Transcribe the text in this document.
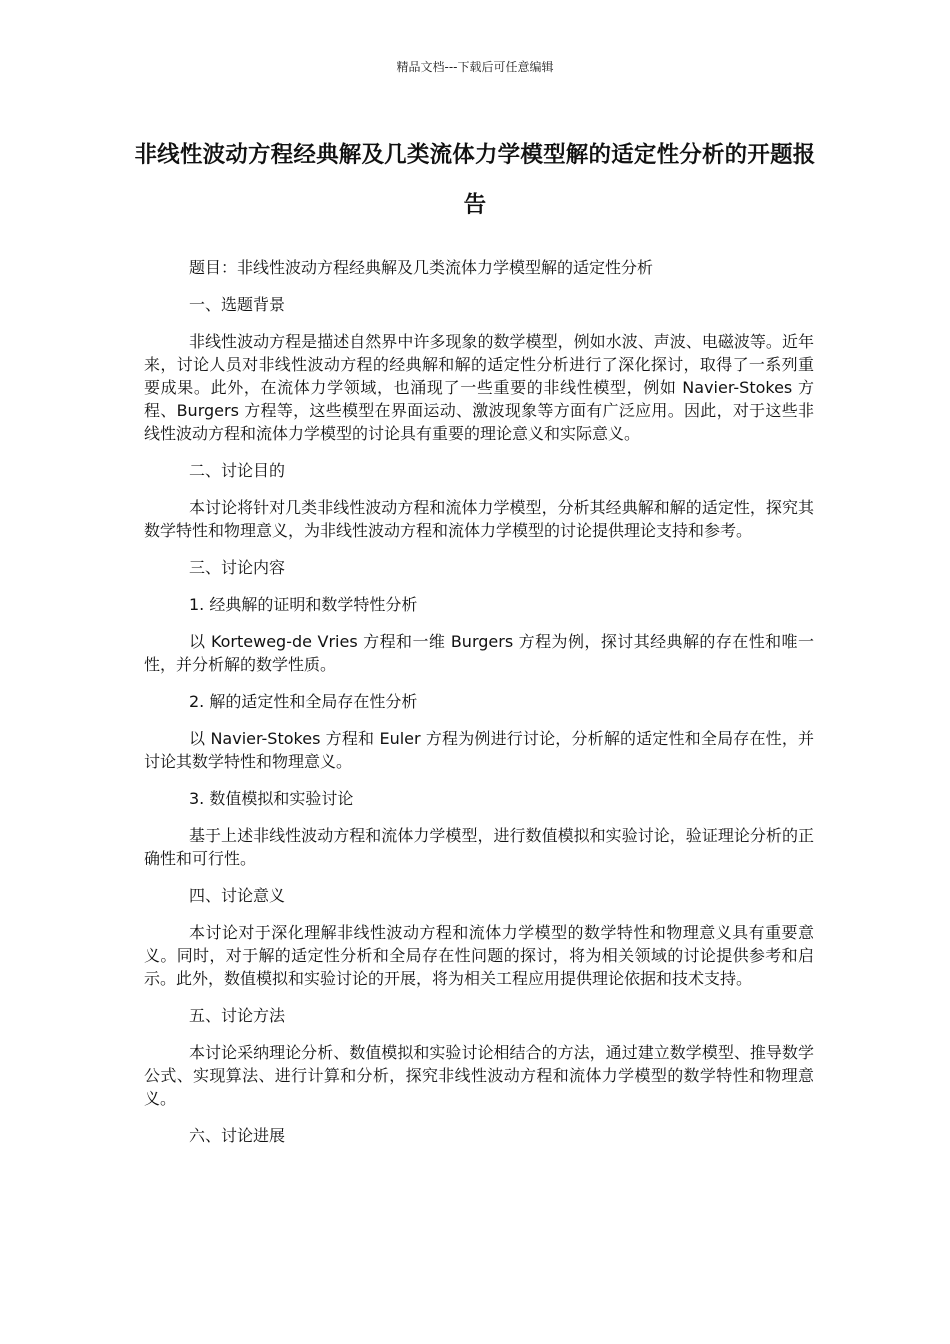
精品文档---下载后可任意编辑
非线性波动方程经典解及几类流体力学模型解的适定性分析的开题报告

题目：非线性波动方程经典解及几类流体力学模型解的适定性分析

一、选题背景

非线性波动方程是描述自然界中许多现象的数学模型，例如水波、声波、电磁波等。近年来，讨论人员对非线性波动方程的经典解和解的适定性分析进行了深化探讨，取得了一系列重要成果。此外，在流体力学领域，也涌现了一些重要的非线性模型，例如 Navier-Stokes 方程、Burgers 方程等，这些模型在界面运动、激波现象等方面有广泛应用。因此，对于这些非线性波动方程和流体力学模型的讨论具有重要的理论意义和实际意义。

二、讨论目的

本讨论将针对几类非线性波动方程和流体力学模型，分析其经典解和解的适定性，探究其数学特性和物理意义，为非线性波动方程和流体力学模型的讨论提供理论支持和参考。

三、讨论内容

1. 经典解的证明和数学特性分析

以 Korteweg-de Vries 方程和一维 Burgers 方程为例，探讨其经典解的存在性和唯一性，并分析解的数学性质。

2. 解的适定性和全局存在性分析

以 Navier-Stokes 方程和 Euler 方程为例进行讨论，分析解的适定性和全局存在性，并讨论其数学特性和物理意义。

3. 数值模拟和实验讨论

基于上述非线性波动方程和流体力学模型，进行数值模拟和实验讨论，验证理论分析的正确性和可行性。

四、讨论意义

本讨论对于深化理解非线性波动方程和流体力学模型的数学特性和物理意义具有重要意义。同时，对于解的适定性分析和全局存在性问题的探讨，将为相关领域的讨论提供参考和启示。此外，数值模拟和实验讨论的开展，将为相关工程应用提供理论依据和技术支持。

五、讨论方法

本讨论采纳理论分析、数值模拟和实验讨论相结合的方法，通过建立数学模型、推导数学公式、实现算法、进行计算和分析，探究非线性波动方程和流体力学模型的数学特性和物理意义。

六、讨论进展
